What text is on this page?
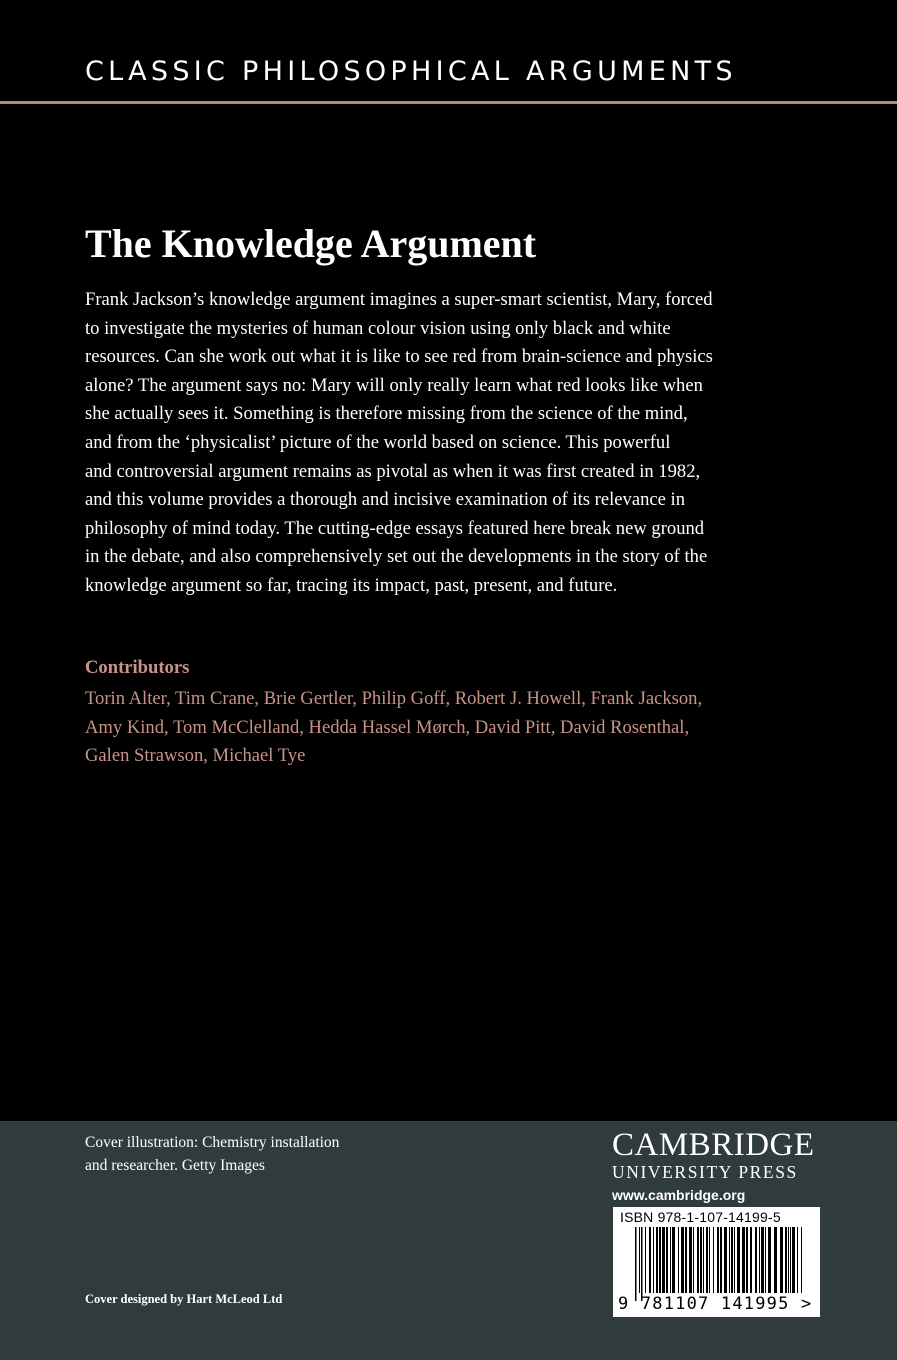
CLASSIC PHILOSOPHICAL ARGUMENTS
The Knowledge Argument
Frank Jackson’s knowledge argument imagines a super-smart scientist, Mary, forced
to investigate the mysteries of human colour vision using only black and white
resources. Can she work out what it is like to see red from brain-science and physics
alone? The argument says no: Mary will only really learn what red looks like when
she actually sees it. Something is therefore missing from the science of the mind,
and from the ‘physicalist’ picture of the world based on science. This powerful
and controversial argument remains as pivotal as when it was first created in 1982,
and this volume provides a thorough and incisive examination of its relevance in
philosophy of mind today. The cutting-edge essays featured here break new ground
in the debate, and also comprehensively set out the developments in the story of the
knowledge argument so far, tracing its impact, past, present, and future.
Contributors
Torin Alter, Tim Crane, Brie Gertler, Philip Goff, Robert J. Howell, Frank Jackson,
Amy Kind, Tom McClelland, Hedda Hassel Mørch, David Pitt, David Rosenthal,
Galen Strawson, Michael Tye
Cover illustration: Chemistry installation
and researcher. Getty Images
Cover designed by Hart McLeod Ltd
CAMBRIDGE
UNIVERSITY PRESS
www.cambridge.org
ISBN 978-1-107-14199-5
9 781107 141995 >
